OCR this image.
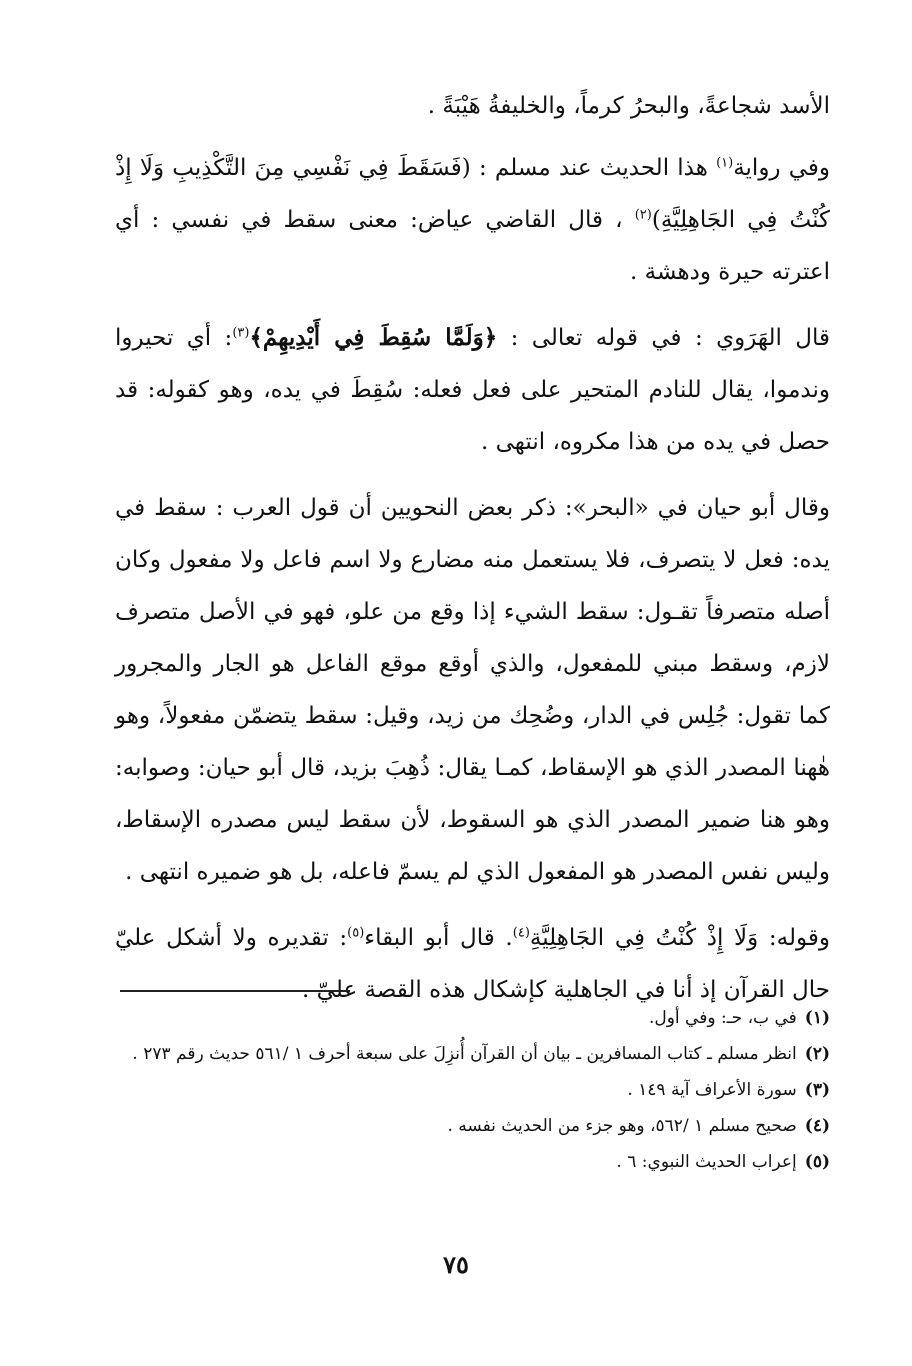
الأسد شجاعةً، والبحرُ كرماً، والخليفةُ هَيْبَةً .

وفي رواية$^{(١)}$ هذا الحديث عند مسلم : (فَسَقَطَ فِي نَفْسِي مِنَ التَّكْذِيبِ وَلَا إِذْ كُنْتُ فِي الجَاهِلِيَّةِ)$^{(٢)}$ ، قال القاضي عياض: معنى سقط في نفسي : أي اعترته حيرة ودهشة .

قال الهَرَوي : في قوله تعالى : ﴿وَلَمَّا سُقِطَ فِي أَيْدِيهِمْ﴾$^{(٣)}$: أي تحيروا وندموا، يقال للنادم المتحير على فعل فعله: سُقِطَ في يده، وهو كقوله: قد حصل في يده من هذا مكروه، انتهى .

وقال أبو حيان في «البحر»: ذكر بعض النحويين أن قول العرب : سقط في يده: فعل لا يتصرف، فلا يستعمل منه مضارع ولا اسم فاعل ولا مفعول وكان أصله متصرفاً تقـول: سقط الشيء إذا وقع من علو، فهو في الأصل متصرف لازم، وسقط مبني للمفعول، والذي أوقع موقع الفاعل هو الجار والمجرور كما تقول: جُلِس في الدار، وضُحِك من زيد، وقيل: سقط يتضمّن مفعولاً، وهو هٰهنا المصدر الذي هو الإسقاط، كمـا يقال: ذُهِبَ بزيد، قال أبو حيان: وصوابه: وهو هنا ضمير المصدر الذي هو السقوط، لأن سقط ليس مصدره الإسقاط، وليس نفس المصدر هو المفعول الذي لم يسمّ فاعله، بل هو ضميره انتهى .

وقوله: وَلَا إِذْ كُنْتُ فِي الجَاهِلِيَّةِ$^{(٤)}$. قال أبو البقاء$^{(٥)}$: تقديره ولا أشكل عليّ حال القرآن إذ أنا في الجاهلية كإشكال هذه القصة عليّ .

(١)في ب، حـ: وفي أول.

(٢)انظر مسلم ـ كتاب المسافرين ـ بيان أن القرآن أُنزِلَ على سبعة أحرف ١ /٥٦١ حديث رقم ٢٧٣ .

(٣)سورة الأعراف آية ١٤٩ .

(٤)صحيح مسلم ١ /٥٦٢، وهو جزء من الحديث نفسه .

(٥)إعراب الحديث النبوي: ٦ .

٧٥
